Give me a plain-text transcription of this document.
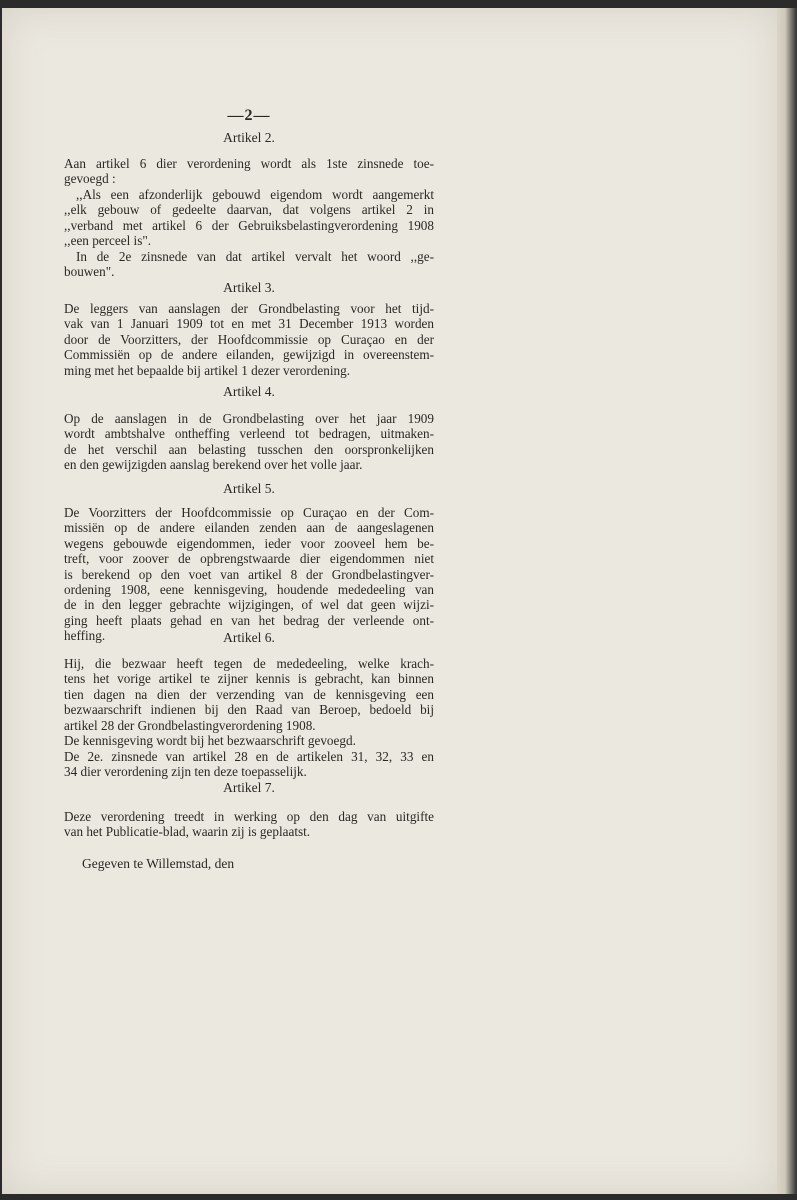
—2—
Artikel 2.
Aan artikel 6 dier verordening wordt als 1ste zinsnede toe-
gevoegd :
,,Als een afzonderlijk gebouwd eigendom wordt aangemerkt
,,elk gebouw of gedeelte daarvan, dat volgens artikel 2 in
,,verband met artikel 6 der Gebruiksbelastingverordening 1908
,,een perceel is".
In de 2e zinsnede van dat artikel vervalt het woord ,,ge-
bouwen".
Artikel 3.
De leggers van aanslagen der Grondbelasting voor het tijd-
vak van 1 Januari 1909 tot en met 31 December 1913 worden
door de Voorzitters, der Hoofdcommissie op Curaçao en der
Commissiën op de andere eilanden, gewijzigd in overeenstem-
ming met het bepaalde bij artikel 1 dezer verordening.
Artikel 4.
Op de aanslagen in de Grondbelasting over het jaar 1909
wordt ambtshalve ontheffing verleend tot bedragen, uitmaken-
de het verschil aan belasting tusschen den oorspronkelijken
en den gewijzigden aanslag berekend over het volle jaar.
Artikel 5.
De Voorzitters der Hoofdcommissie op Curaçao en der Com-
missiën op de andere eilanden zenden aan de aangeslagenen
wegens gebouwde eigendommen, ieder voor zooveel hem be-
treft, voor zoover de opbrengstwaarde dier eigendommen niet
is berekend op den voet van artikel 8 der Grondbelastingver-
ordening 1908, eene kennisgeving, houdende mededeeling van
de in den legger gebrachte wijzigingen, of wel dat geen wijzi-
ging heeft plaats gehad en van het bedrag der verleende ont-
heffing.	Artikel 6.
Hij, die bezwaar heeft tegen de mededeeling, welke krach-
tens het vorige artikel te zijner kennis is gebracht, kan binnen
tien dagen na dien der verzending van de kennisgeving een
bezwaarschrift indienen bij den Raad van Beroep, bedoeld bij
artikel 28 der Grondbelastingverordening 1908.
De kennisgeving wordt bij het bezwaarschrift gevoegd.
De 2e. zinsnede van artikel 28 en de artikelen 31, 32, 33 en
34 dier verordening zijn ten deze toepasselijk.
Artikel 7.
Deze verordening treedt in werking op den dag van uitgifte
van het Publicatie-blad, waarin zij is geplaatst.
Gegeven te Willemstad, den
